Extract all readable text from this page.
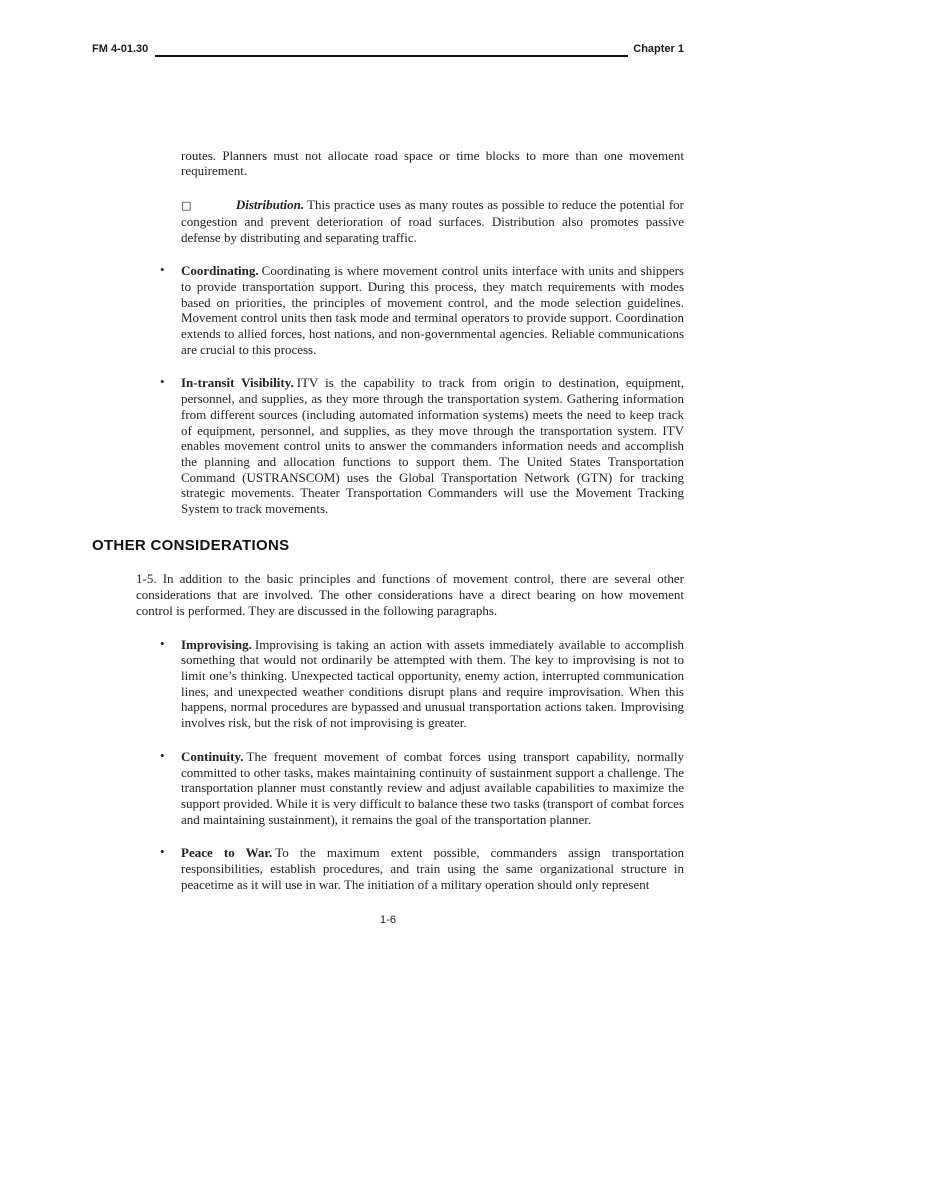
FM 4-01.30	Chapter 1

routes. Planners must not allocate road space or time blocks to more than one movement requirement.

□	Distribution. This practice uses as many routes as possible to reduce the potential for congestion and prevent deterioration of road surfaces. Distribution also promotes passive defense by distributing and separating traffic.

• Coordinating. Coordinating is where movement control units interface with units and shippers to provide transportation support. During this process, they match requirements with modes based on priorities, the principles of movement control, and the mode selection guidelines. Movement control units then task mode and terminal operators to provide support. Coordination extends to allied forces, host nations, and non-governmental agencies. Reliable communications are crucial to this process.

• In-transit Visibility. ITV is the capability to track from origin to destination, equipment, personnel, and supplies, as they more through the transportation system. Gathering information from different sources (including automated information systems) meets the need to keep track of equipment, personnel, and supplies, as they move through the transportation system. ITV enables movement control units to answer the commanders information needs and accomplish the planning and allocation functions to support them. The United States Transportation Command (USTRANSCOM) uses the Global Transportation Network (GTN) for tracking strategic movements. Theater Transportation Commanders will use the Movement Tracking System to track movements.

OTHER CONSIDERATIONS

1-5. In addition to the basic principles and functions of movement control, there are several other considerations that are involved. The other considerations have a direct bearing on how movement control is performed. They are discussed in the following paragraphs.

• Improvising. Improvising is taking an action with assets immediately available to accomplish something that would not ordinarily be attempted with them. The key to improvising is not to limit one’s thinking. Unexpected tactical opportunity, enemy action, interrupted communication lines, and unexpected weather conditions disrupt plans and require improvisation. When this happens, normal procedures are bypassed and unusual transportation actions taken. Improvising involves risk, but the risk of not improvising is greater.

• Continuity. The frequent movement of combat forces using transport capability, normally committed to other tasks, makes maintaining continuity of sustainment support a challenge. The transportation planner must constantly review and adjust available capabilities to maximize the support provided. While it is very difficult to balance these two tasks (transport of combat forces and maintaining sustainment), it remains the goal of the transportation planner.

• Peace to War. To the maximum extent possible, commanders assign transportation responsibilities, establish procedures, and train using the same organizational structure in peacetime as it will use in war. The initiation of a military operation should only represent

1-6
